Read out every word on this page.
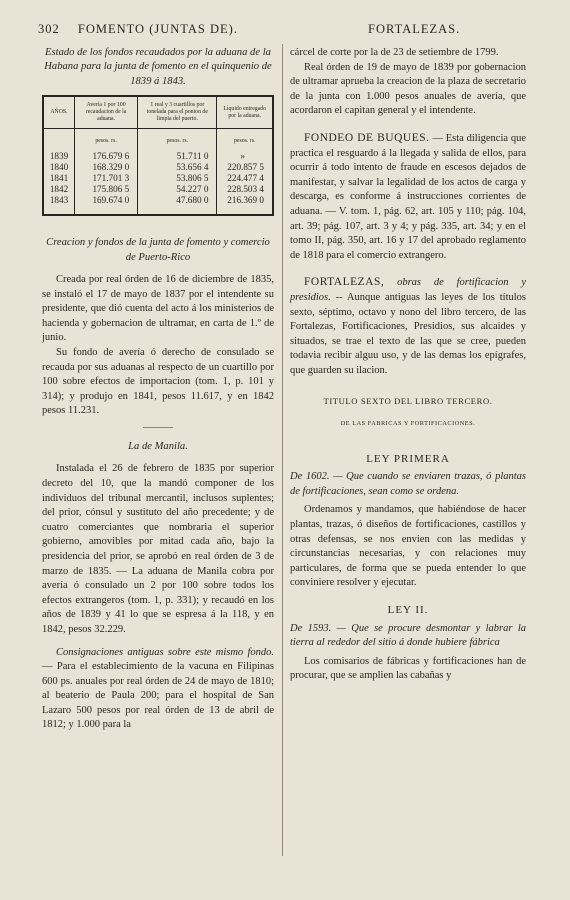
302 FOMENTO (JUNTAS DE).	FORTALEZAS.

Estado de los fondos recaudados por la aduana de la Habana para la junta de fomento en el quinquenio de 1839 á 1843.

AÑOS.	Avería 1 por 100 recaudacion de la aduana.	1 real y 3 cuartillos por tonelada para el ponton de limpia del puerto.	Líquido entregado por la aduana.
	pesos. rs.	pesos. rs.	pesos. rs.
1839	176.679 6	51.711 0	»
1840	168.329 0	53.656 4	220.857 5
1841	171.701 3	53.806 5	224.477 4
1842	175.806 5	54.227 0	228.503 4
1843	169.674 0	47.680 0	216.369 0

Creacion y fondos de la junta de fomento y comercio de Puerto-Rico

Creada por real órden de 16 de diciembre de 1835, se instaló el 17 de mayo de 1837 por el intendente su presidente, que dió cuenta del acto á los ministerios de hacienda y gobernacion de ultramar, en carta de 1.º de junio.

Su fondo de avería ó derecho de consulado se recauda por sus aduanas al respecto de un cuartillo por 100 sobre efectos de importacion (tom. 1, p. 101 y 314); y produjo en 1841, pesos 11.617, y en 1842 pesos 11.231.

La de Manila.

Instalada el 26 de febrero de 1835 por superior decreto del 10, que la mandó componer de los individuos del tribunal mercantil, inclusos suplentes; del prior, cónsul y sustituto del año precedente; y de cuatro comerciantes que nombraria el superior gobierno, amovibles por mitad cada año, bajo la presidencia del prior, se aprobó en real órden de 3 de marzo de 1835. — La aduana de Manila cobra por avería ó consulado un 2 por 100 sobre todos los efectos extrangeros (tom. 1, p. 331); y recaudó en los años de 1839 y 41 lo que se espresa á la 118, y en 1842, pesos 32.229.

Consignaciones antiguas sobre este mismo fondo. — Para el establecimiento de la vacuna en Filipinas 600 ps. anuales por real órden de 24 de mayo de 1810; al beaterio de Paula 200; para el hospital de San Lazaro 500 pesos por real órden de 13 de abril de 1812; y 1.000 para la

cárcel de corte por la de 23 de setiembre de 1799.

Real órden de 19 de mayo de 1839 por gobernacion de ultramar aprueba la creacion de la plaza de secretario de la junta con 1.000 pesos anuales de avería, que acordaron el capitan general y el intendente.

FONDEO DE BUQUES. — Esta diligencia que practica el resguardo á la llegada y salida de ellos, para ocurrir á todo intento de fraude en escesos dejados de manifestar, y salvar la legalidad de los actos de carga y descarga, es conforme á instrucciones corrientes de aduana. — V. tom. 1, pág. 62, art. 105 y 110; pág. 104, art. 39; pág. 107, art. 3 y 4; y pág. 335, art. 34; y en el tomo II, pág. 350, art. 16 y 17 del aprobado reglamento de 1818 para el comercio extrangero.

FORTALEZAS, obras de fortificacion y presidios. -- Aunque antiguas las leyes de los títulos sexto, séptimo, octavo y nono del libro tercero, de las Fortalezas, Fortificaciones, Presidios, sus alcaides y situados, se trae el texto de las que se cree, pueden todavia recibir alguu uso, y de las demas los epígrafes, que guarden su ilacion.

TITULO SEXTO DEL LIBRO TERCERO.

DE LAS FABRICAS Y FORTIFICACIONES.

LEY PRIMERA

De 1602. — Que cuando se enviaren trazas, ó plantas de fortificaciones, sean como se ordena.

Ordenamos y mandamos, que habiéndose de hacer plantas, trazas, ó diseños de fortificaciones, castillos y otras defensas, se nos envien con las medidas y circunstancias necesarias, y con relaciones muy particulares, de forma que se pueda entender lo que conviniere resolver y ejecutar.

LEY II.

De 1593. — Que se procure desmontar y labrar la tierra al rededor del sitio á donde hubiere fábrica

Los comisarios de fábricas y fortificaciones han de procurar, que se amplien las cabañas y
